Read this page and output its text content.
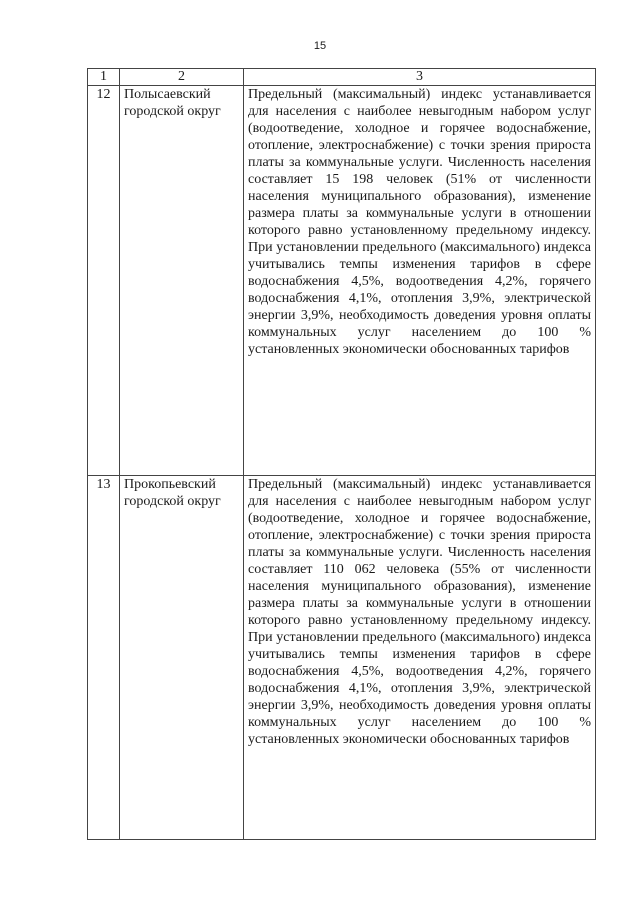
15
1	2	3
12	Полысаевский городской округ	Предельный (максимальный) индекс устанавливается для населения с наиболее невыгодным набором услуг (водоотведение, холодное и горячее водоснабжение, отопление, электроснабжение) с точки зрения прироста платы за коммунальные услуги. Численность населения составляет 15 198 человек (51% от численности населения муниципального образования), изменение размера платы за коммунальные услуги в отношении которого равно установленному предельному индексу. При установлении предельного (максимального) индекса учитывались темпы изменения тарифов в сфере водоснабжения 4,5%, водоотведения 4,2%, горячего водоснабжения 4,1%, отопления 3,9%, электрической энергии 3,9%, необходимость доведения уровня оплаты коммунальных услуг населением до 100 % установленных экономически обоснованных тарифов
13	Прокопьевский городской округ	Предельный (максимальный) индекс устанавливается для населения с наиболее невыгодным набором услуг (водоотведение, холодное и горячее водоснабжение, отопление, электроснабжение) с точки зрения прироста платы за коммунальные услуги. Численность населения составляет 110 062 человека (55% от численности населения муниципального образования), изменение размера платы за коммунальные услуги в отношении которого равно установленному предельному индексу. При установлении предельного (максимального) индекса учитывались темпы изменения тарифов в сфере водоснабжения 4,5%, водоотведения 4,2%, горячего водоснабжения 4,1%, отопления 3,9%, электрической энергии 3,9%, необходимость доведения уровня оплаты коммунальных услуг населением до 100 % установленных экономически обоснованных тарифов
